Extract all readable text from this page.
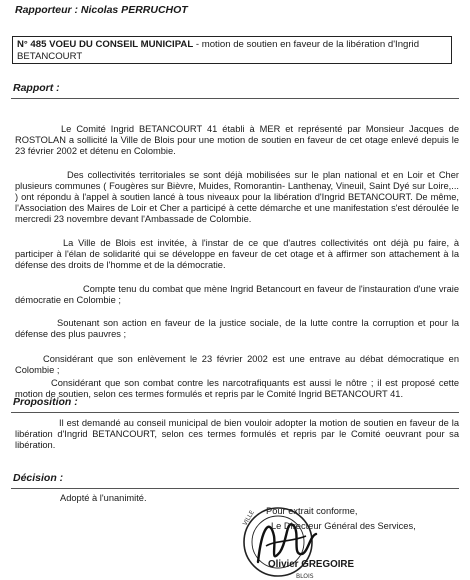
Rapporteur : Nicolas PERRUCHOT
N° 485 VOEU DU CONSEIL MUNICIPAL - motion de soutien en faveur de la libération d'Ingrid BETANCOURT
Rapport :
Le Comité Ingrid BETANCOURT 41 établi à MER et représenté par Monsieur Jacques de ROSTOLAN a sollicité la Ville de Blois pour une motion de soutien en faveur de cet otage enlevé depuis le 23 février 2002 et détenu en Colombie.
Des collectivités territoriales se sont déjà mobilisées sur le plan national et en Loir et Cher plusieurs communes ( Fougères sur Bièvre, Muides, Romorantin- Lanthenay, Vineuil, Saint Dyé sur Loire,... ) ont répondu à l'appel à soutien lancé à tous niveaux pour la libération d'Ingrid BETANCOURT. De même, l'Association des Maires de Loir et Cher a participé à cette démarche et une manifestation s'est déroulée le mercredi 23 novembre devant l'Ambassade de Colombie.
La Ville de Blois est invitée, à l'instar de ce que d'autres collectivités ont déjà pu faire, à participer à l'élan de solidarité qui se développe en faveur de cet otage et à affirmer son attachement à la défense des droits de l'homme et de la démocratie.
Compte tenu du combat que mène Ingrid Betancourt en faveur de l'instauration d'une vraie démocratie en Colombie ;
Soutenant son action en faveur de la justice sociale, de la lutte contre la corruption et pour la défense des plus pauvres ;
Considérant que son enlèvement le 23 février 2002 est une entrave au débat démocratique en Colombie ;
Considérant que son combat contre les narcotrafiquants est aussi le nôtre ; il est proposé cette motion de soutien, selon ces termes formulés et repris par le Comité Ingrid BETANCOURT 41.
Proposition :
Il est demandé au conseil municipal de bien vouloir adopter la motion de soutien en faveur de la libération d'Ingrid BETANCOURT, selon ces termes formulés et repris par le Comité oeuvrant pour sa libération.
Décision :
Adopté à l'unanimité.
VILLE
BLOIS
Pour extrait conforme,
Le Directeur Général des Services,
Olivier GREGOIRE
